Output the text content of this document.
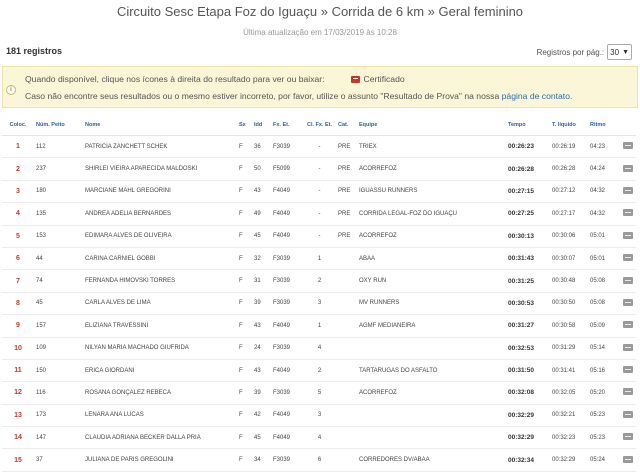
Circuito Sesc Etapa Foz do Iguaçu » Corrida de 6 km » Geral feminino
Última atualização em 17/03/2019 às 10:28
181 registros	Registros por pág.: 30 ▼
i
Quando disponível, clique nos ícones à direita do resultado para ver ou baixar:	Certificado
Caso não encontre seus resultados ou o mesmo estiver incorreto, por favor, utilize o assunto "Resultado de Prova" na nossa página de contato.
Coloc.	Núm. Peito	Nome	Sx	Idd	Fx. Et.	Cl. Fx. Et.	Cat.	Equipe	Tempo	T. líquido	Ritmo	
1	112	PATRICIA ZANCHETT SCHEK	F	36	F3039	-	PRE	TRIEX	00:26:23	00:26:19	04:23	
2	237	SHIRLEI VIEIRA APARECIDA MALDOSKI	F	50	F5099	-	PRE	ACORREFOZ	00:26:28	00:26:28	04:24	
3	180	MARCIANE MAHL GREGORINI	F	43	F4049	-	PRE	IGUASSU RUNNERS	00:27:15	00:27:12	04:32	
4	135	ANDREA ADELIA BERNARDES	F	49	F4049	-	PRE	CORRIDA LEGAL-FOZ DO IGUAÇU	00:27:25	00:27:17	04:32	
5	153	EDIMARA ALVES DE OLIVEIRA	F	45	F4049	-	PRE	ACORREFOZ	00:30:13	00:30:06	05:01	
6	44	CARINA CARNIEL GOBBI	F	32	F3039	1		ABAA	00:31:43	00:30:07	05:01	
7	74	FERNANDA HIMOVSKI TORRES	F	31	F3039	2		OXY RUN	00:31:25	00:30:48	05:08	
8	45	CARLA ALVES DE LIMA	F	39	F3039	3		MV RUNNERS	00:30:53	00:30:50	05:08	
9	157	ELIZIANA TRAVESSINI	F	43	F4049	1		AGMF MEDIANEIRA	00:31:27	00:30:58	05:09	
10	109	NILYAN MARIA MACHADO GIUFRIDA	F	24	F3039	4			00:32:53	00:31:29	05:14	
11	150	ERICA GIORDANI	F	43	F4049	2		TARTARUGAS DO ASFALTO	00:31:50	00:31:41	05:16	
12	116	ROSANA GONÇALEZ REBECA	F	39	F3039	5		ACORREFOZ	00:32:08	00:32:05	05:20	
13	173	LENARA ANA LUCAS	F	42	F4049	3			00:32:29	00:32:21	05:23	
14	147	CLAUDIA ADRIANA BECKER DALLA PRIA	F	45	F4049	4			00:32:29	00:32:23	05:23	
15	37	JULIANA DE PARIS GREGOLINI	F	34	F3039	6		CORREDORES DV/ABAA	00:32:34	00:32:29	05:24	
